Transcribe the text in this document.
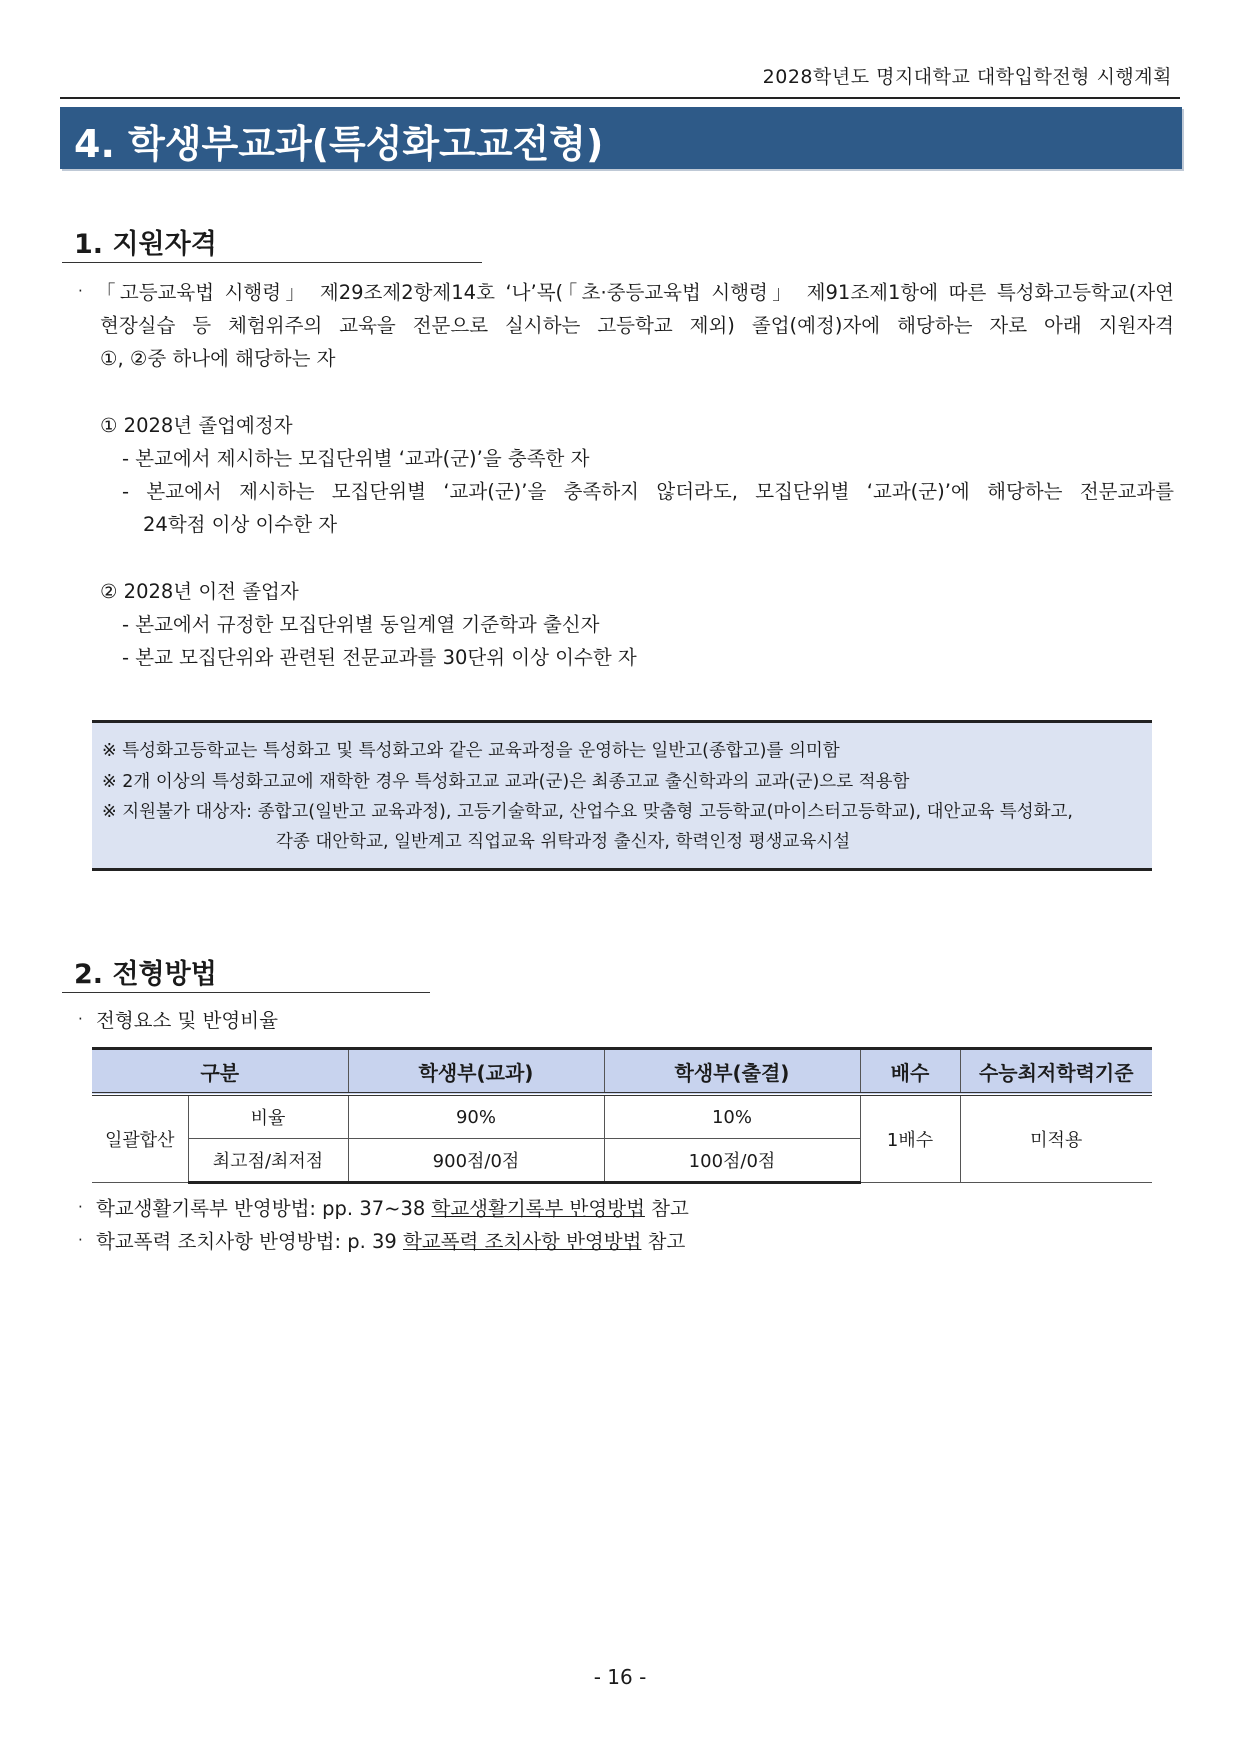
2028학년도 명지대학교 대학입학전형 시행계획
4. 학생부교과(특성화고교전형)
1. 지원자격
· 「고등교육법 시행령」 제29조제2항제14호 ‘나’목(「초·중등교육법 시행령」 제91조제1항에 따른 특성화고등학교(자연
현장실습 등 체험위주의 교육을 전문으로 실시하는 고등학교 제외) 졸업(예정)자에 해당하는 자로 아래 지원자격
①, ②중 하나에 해당하는 자
① 2028년 졸업예정자
- 본교에서 제시하는 모집단위별 ‘교과(군)’을 충족한 자
- 본교에서 제시하는 모집단위별 ‘교과(군)’을 충족하지 않더라도, 모집단위별 ‘교과(군)’에 해당하는 전문교과를
24학점 이상 이수한 자
② 2028년 이전 졸업자
- 본교에서 규정한 모집단위별 동일계열 기준학과 출신자
- 본교 모집단위와 관련된 전문교과를 30단위 이상 이수한 자
※ 특성화고등학교는 특성화고 및 특성화고와 같은 교육과정을 운영하는 일반고(종합고)를 의미함
※ 2개 이상의 특성화고교에 재학한 경우 특성화고교 교과(군)은 최종고교 출신학과의 교과(군)으로 적용함
※ 지원불가 대상자: 종합고(일반고 교육과정), 고등기술학교, 산업수요 맞춤형 고등학교(마이스터고등학교), 대안교육 특성화고,
각종 대안학교, 일반계고 직업교육 위탁과정 출신자, 학력인정 평생교육시설
2. 전형방법
· 전형요소 및 반영비율
구분		학생부(교과)	학생부(출결)	배수	수능최저학력기준
일괄합산	비율	90%	10%	1배수	미적용
	최고점/최저점	900점/0점	100점/0점		
· 학교생활기록부 반영방법: pp. 37~38 학교생활기록부 반영방법 참고
· 학교폭력 조치사항 반영방법: p. 39 학교폭력 조치사항 반영방법 참고
- 16 -
